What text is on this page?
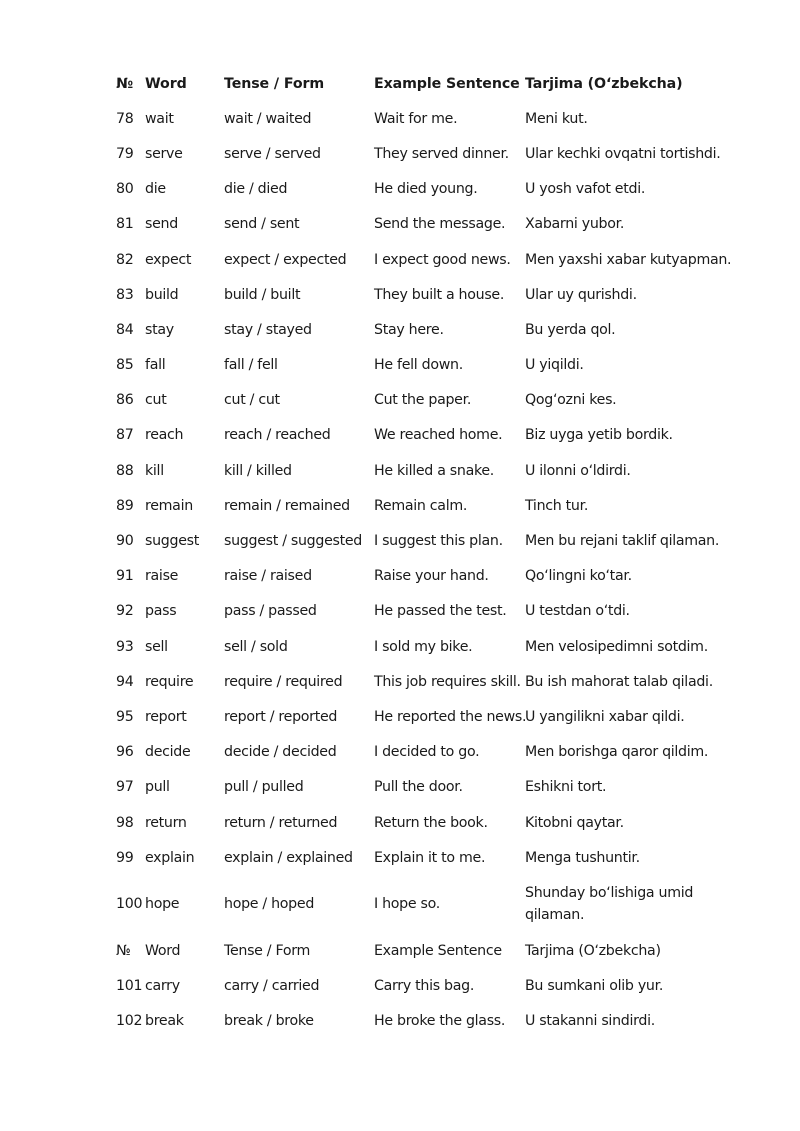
№	Word	Tense / Form	Example Sentence	Tarjima (O‘zbekcha)
78	wait	wait / waited	Wait for me.	Meni kut.
79	serve	serve / served	They served dinner.	Ular kechki ovqatni tortishdi.
80	die	die / died	He died young.	U yosh vafot etdi.
81	send	send / sent	Send the message.	Xabarni yubor.
82	expect	expect / expected	I expect good news.	Men yaxshi xabar kutyapman.
83	build	build / built	They built a house.	Ular uy qurishdi.
84	stay	stay / stayed	Stay here.	Bu yerda qol.
85	fall	fall / fell	He fell down.	U yiqildi.
86	cut	cut / cut	Cut the paper.	Qog‘ozni kes.
87	reach	reach / reached	We reached home.	Biz uyga yetib bordik.
88	kill	kill / killed	He killed a snake.	U ilonni o‘ldirdi.
89	remain	remain / remained	Remain calm.	Tinch tur.
90	suggest	suggest / suggested	I suggest this plan.	Men bu rejani taklif qilaman.
91	raise	raise / raised	Raise your hand.	Qo‘lingni ko‘tar.
92	pass	pass / passed	He passed the test.	U testdan o‘tdi.
93	sell	sell / sold	I sold my bike.	Men velosipedimni sotdim.
94	require	require / required	This job requires skill.	Bu ish mahorat talab qiladi.
95	report	report / reported	He reported the news.	U yangilikni xabar qildi.
96	decide	decide / decided	I decided to go.	Men borishga qaror qildim.
97	pull	pull / pulled	Pull the door.	Eshikni tort.
98	return	return / returned	Return the book.	Kitobni qaytar.
99	explain	explain / explained	Explain it to me.	Menga tushuntir.
100	hope	hope / hoped	I hope so.	Shunday bo‘lishiga umid qilaman.
№	Word	Tense / Form	Example Sentence	Tarjima (O‘zbekcha)
101	carry	carry / carried	Carry this bag.	Bu sumkani olib yur.
102	break	break / broke	He broke the glass.	U stakanni sindirdi.
